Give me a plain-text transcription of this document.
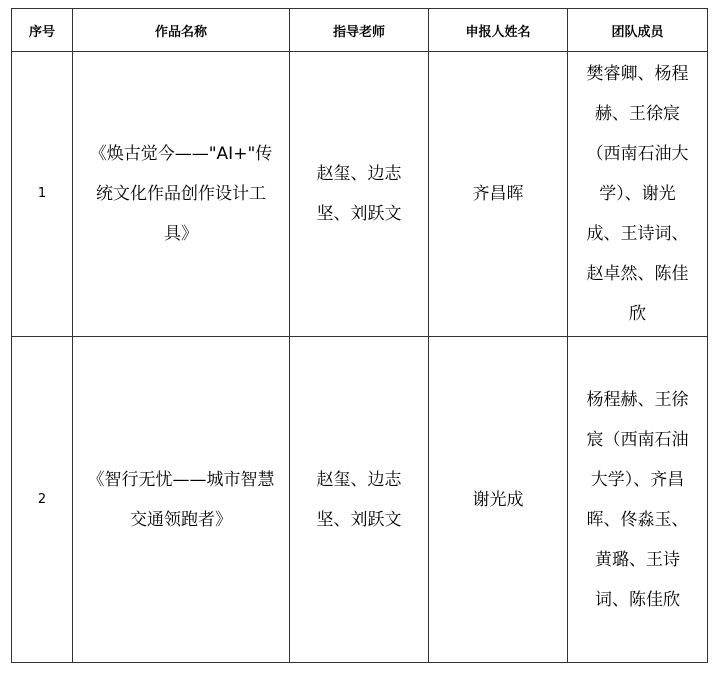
序号	作品名称	指导老师	申报人姓名	团队成员
1	《焕古觉今——"AI+"传统文化作品创作设计工具》	赵玺、边志坚、刘跃文	齐昌晖	樊睿卿、杨程赫、王徐宸（西南石油大学）、谢光成、王诗词、赵卓然、陈佳欣

2	《智行无忧——城市智慧交通领跑者》	赵玺、边志坚、刘跃文	谢光成	杨程赫、王徐宸（西南石油大学）、齐昌晖、佟淼玉、黄璐、王诗词、陈佳欣
